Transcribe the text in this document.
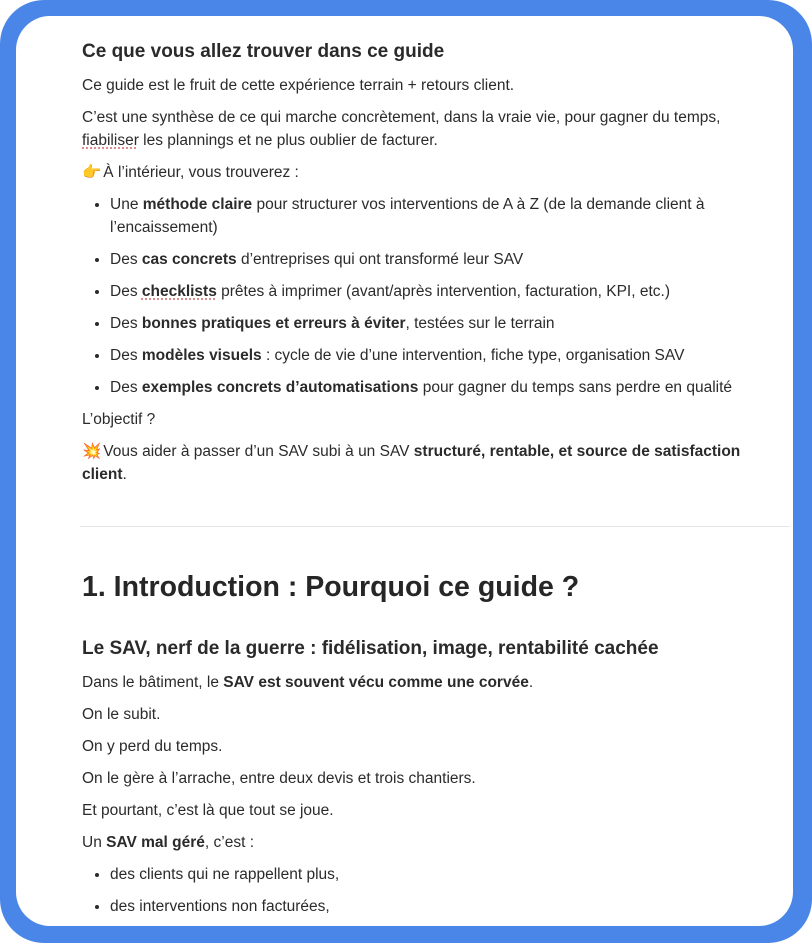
Ce que vous allez trouver dans ce guide

Ce guide est le fruit de cette expérience terrain + retours client.

C’est une synthèse de ce qui marche concrètement, dans la vraie vie, pour gagner du temps,
fiabiliser les plannings et ne plus oublier de facturer.

👉 À l’intérieur, vous trouverez :

• Une méthode claire pour structurer vos interventions de A à Z (de la demande client à l’encaissement)
• Des cas concrets d’entreprises qui ont transformé leur SAV
• Des checklists prêtes à imprimer (avant/après intervention, facturation, KPI, etc.)
• Des bonnes pratiques et erreurs à éviter, testées sur le terrain
• Des modèles visuels : cycle de vie d’une intervention, fiche type, organisation SAV
• Des exemples concrets d’automatisations pour gagner du temps sans perdre en qualité

L’objectif ?

💥 Vous aider à passer d’un SAV subi à un SAV structuré, rentable, et source de satisfaction client.

1. Introduction : Pourquoi ce guide ?
Le SAV, nerf de la guerre : fidélisation, image, rentabilité cachée

Dans le bâtiment, le SAV est souvent vécu comme une corvée.

On le subit.

On y perd du temps.

On le gère à l’arrache, entre deux devis et trois chantiers.

Et pourtant, c’est là que tout se joue.

Un SAV mal géré, c’est :

• des clients qui ne rappellent plus,
• des interventions non facturées,
